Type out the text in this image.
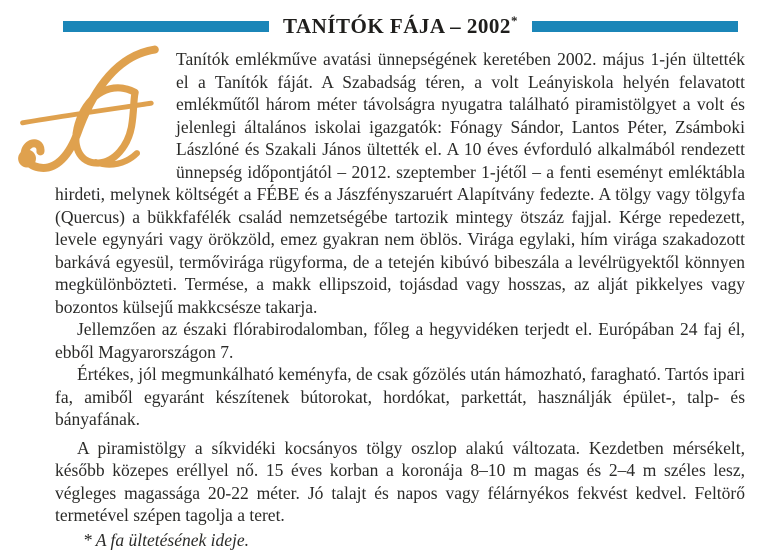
TANÍTÓK FÁJA – 2002*

Tanítók emlékműve avatási ünnepségének keretében 2002. május 1-jén ültették el a Tanítók fáját. A Szabadság téren, a volt Leányiskola helyén felavatott emlékműtől három méter távolságra nyugatra található piramistölgyet a volt és jelenlegi általános iskolai igazgatók: Fónagy Sándor, Lantos Péter, Zsámboki Lászlóné és Szakali János ültették el. A 10 éves évforduló alkalmából rendezett ünnepség időpontjától – 2012. szeptember 1-jétől – a fenti eseményt emléktábla hirdeti, melynek költségét a FÉBE és a Jászfényszaruért Alapítvány fedezte. A tölgy vagy tölgyfa (Quercus) a bükkfafélék család nemzetségébe tartozik mintegy ötszáz fajjal. Kérge repedezett, levele egynyári vagy örökzöld, emez gyakran nem öblös. Virága egylaki, hím virága szakadozott barkává egyesül, termővirága rügyforma, de a tetején kibúvó bibeszála a levélrügyektől könnyen megkülönbözteti. Termése, a makk ellipszoid, tojásdad vagy hosszas, az alját pikkelyes vagy bozontos külsejű makkcsésze takarja.

Jellemzően az északi flórabirodalomban, főleg a hegyvidéken terjedt el. Európában 24 faj él, ebből Magyarországon 7.

Értékes, jól megmunkálható keményfa, de csak gőzölés után hámozható, faragható. Tartós ipari fa, amiből egyaránt készítenek bútorokat, hordókat, parkettát, használják épület-, talp- és bányafának.

A piramistölgy a síkvidéki kocsányos tölgy oszlop alakú változata. Kezdetben mérsékelt, később közepes eréllyel nő. 15 éves korban a koronája 8–10 m magas és 2–4 m széles lesz, végleges magassága 20-22 méter. Jó talajt és napos vagy félárnyékos fekvést kedvel. Feltörő termetével szépen tagolja a teret.

* A fa ültetésének ideje.
